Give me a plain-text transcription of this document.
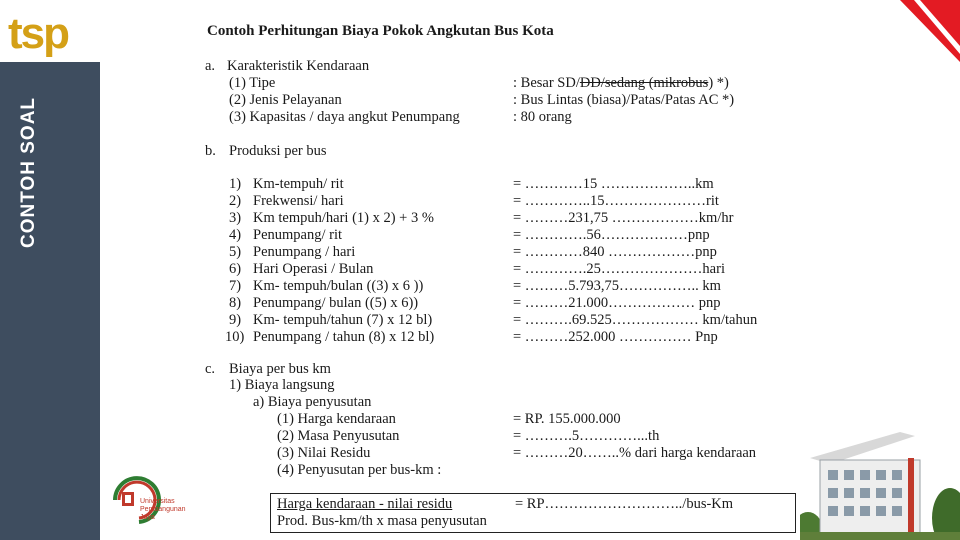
tsp
CONTOH SOAL
Universitas Pembangunan Jaya
Contoh Perhitungan Biaya Pokok Angkutan Bus Kota
a. Karakteristik Kendaraan
(1) Tipe	: Besar SD/DD/sedang (mikrobus) *)
(2) Jenis Pelayanan	: Bus Lintas (biasa)/Patas/Patas AC *)
(3) Kapasitas / daya angkut Penumpang	: 80 orang
b. Produksi per bus
1) Km-tempuh/ rit	= …………15 ………………..km
2) Frekwensi/ hari	= …………..15…………………rit
3) Km tempuh/hari (1) x 2) + 3 %	= ………231,75 ………………km/hr
4) Penumpang/ rit	= ………….56………………pnp
5) Penumpang / hari	= …………840 ………………pnp
6) Hari Operasi / Bulan	= ………….25…………………hari
7) Km- tempuh/bulan ((3) x 6 ))	= ………5.793,75…………….. km
8) Penumpang/ bulan ((5) x 6))	= ………21.000……………… pnp
9) Km- tempuh/tahun (7) x 12 bl)	= ……….69.525……………… km/tahun
10) Penumpang / tahun (8) x 12 bl)	= ………252.000 …………… Pnp
c. Biaya per bus km
1) Biaya langsung
a) Biaya penyusutan
(1) Harga kendaraan	= RP. 155.000.000
(2) Masa Penyusutan	= ……….5…………...th
(3) Nilai Residu	= ………20……..% dari harga kendaraan
(4) Penyusutan per bus-km :
Harga kendaraan - nilai residu
Prod. Bus-km/th x masa penyusutan
= RP………………………../bus-Km
